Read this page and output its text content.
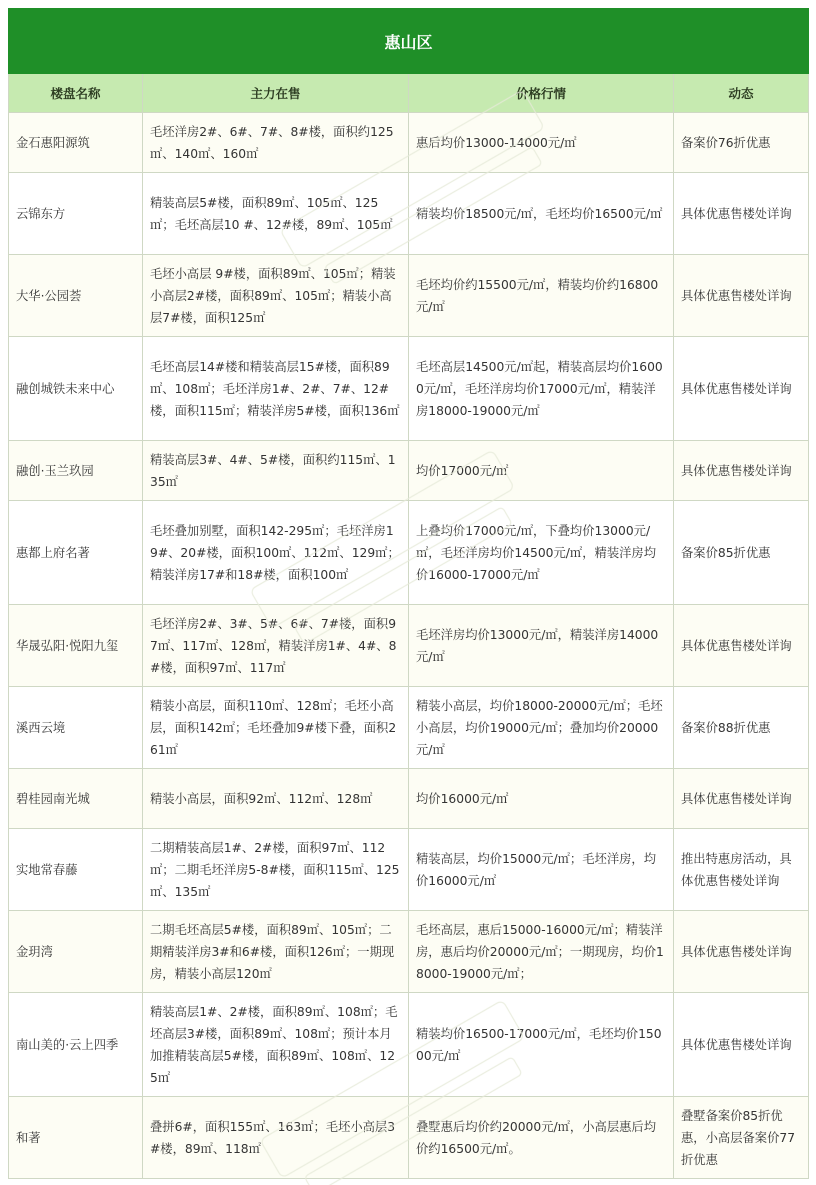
惠山区			
楼盘名称	主力在售	价格行情	动态
金石惠阳源筑	毛坯洋房2#、6#、7#、8#楼，面积约125㎡、140㎡、160㎡	惠后均价13000-14000元/㎡	备案价76折优惠
云锦东方	精装高层5#楼，面积89㎡、105㎡、125㎡；毛坯高层10 #、12#楼，89㎡、105㎡	精装均价18500元/㎡，毛坯均价16500元/㎡	具体优惠售楼处详询
大华·公园荟	毛坯小高层 9#楼，面积89㎡、105㎡；精装小高层2#楼，面积89㎡、105㎡；精装小高层7#楼，面积125㎡	毛坯均价约15500元/㎡，精装均价约16800元/㎡	具体优惠售楼处详询
融创城铁未来中心	毛坯高层14#楼和精装高层15#楼，面积89㎡、108㎡；毛坯洋房1#、2#、7#、12#楼，面积115㎡；精装洋房5#楼，面积136㎡	毛坯高层14500元/㎡起，精装高层均价16000元/㎡，毛坯洋房均价17000元/㎡，精装洋房18000-19000元/㎡	具体优惠售楼处详询
融创·玉兰玖园	精装高层3#、4#、5#楼，面积约115㎡、135㎡	均价17000元/㎡	具体优惠售楼处详询
惠都上府名著	毛坯叠加别墅，面积142-295㎡；毛坯洋房19#、20#楼，面积100㎡、112㎡、129㎡；精装洋房17#和18#楼，面积100㎡	上叠均价17000元/㎡，下叠均价13000元/㎡，毛坯洋房均价14500元/㎡，精装洋房均价16000-17000元/㎡	备案价85折优惠
华晟弘阳·悦阳九玺	毛坯洋房2#、3#、5#、6#、7#楼，面积97㎡、117㎡、128㎡，精装洋房1#、4#、8#楼，面积97㎡、117㎡	毛坯洋房均价13000元/㎡，精装洋房14000元/㎡	具体优惠售楼处详询
溪西云境	精装小高层，面积110㎡、128㎡；毛坯小高层，面积142㎡；毛坯叠加9#楼下叠，面积261㎡	精装小高层，均价18000-20000元/㎡；毛坯小高层，均价19000元/㎡；叠加均价20000元/㎡	备案价88折优惠
碧桂园南光城	精装小高层，面积92㎡、112㎡、128㎡	均价16000元/㎡	具体优惠售楼处详询
实地常春藤	二期精装高层1#、2#楼，面积97㎡、112㎡；二期毛坯洋房5-8#楼，面积115㎡、125㎡、135㎡	精装高层，均价15000元/㎡；毛坯洋房，均价16000元/㎡	推出特惠房活动，具体优惠售楼处详询
金玥湾	二期毛坯高层5#楼，面积89㎡、105㎡；二期精装洋房3#和6#楼，面积126㎡；一期现房，精装小高层120㎡	毛坯高层，惠后15000-16000元/㎡；精装洋房，惠后均价20000元/㎡；一期现房，均价18000-19000元/㎡；	具体优惠售楼处详询
南山美的·云上四季	精装高层1#、2#楼，面积89㎡、108㎡；毛坯高层3#楼，面积89㎡、108㎡；预计本月加推精装高层5#楼，面积89㎡、108㎡、125㎡	精装均价16500-17000元/㎡，毛坯均价15000元/㎡	具体优惠售楼处详询
和著	叠拼6#，面积155㎡、163㎡；毛坯小高层3#楼，89㎡、118㎡	叠墅惠后均价约20000元/㎡，小高层惠后均价约16500元/㎡。	叠墅备案价85折优惠，小高层备案价77折优惠
